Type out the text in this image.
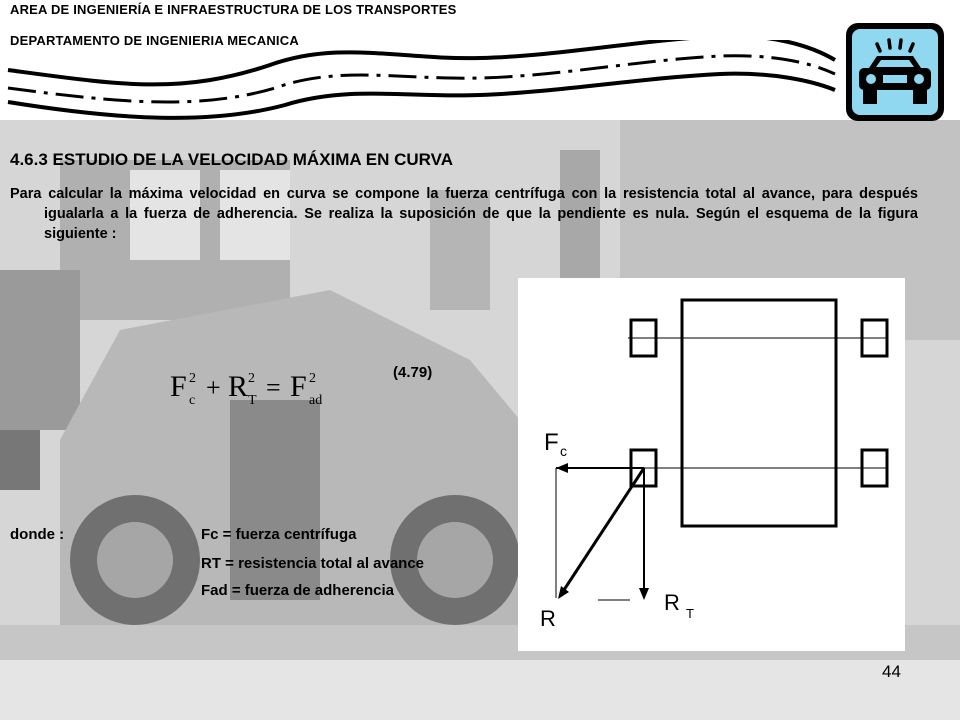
AREA DE INGENIERÍA E INFRAESTRUCTURA DE LOS TRANSPORTES
DEPARTAMENTO DE INGENIERIA MECANICA
4.6.3 ESTUDIO DE LA VELOCIDAD MÁXIMA EN CURVA
Para calcular la máxima velocidad en curva se compone la fuerza centrífuga con la resistencia total al avance, para después igualarla a la fuerza de adherencia. Se realiza la suposición de que la pendiente es nula. Según el esquema de la figura siguiente :
F 2
c + R 2
T = F 2
ad
(4.79)
F c
R
R T
donde :	Fc = fuerza centrífuga
RT = resistencia total al avance
Fad = fuerza de adherencia
44
